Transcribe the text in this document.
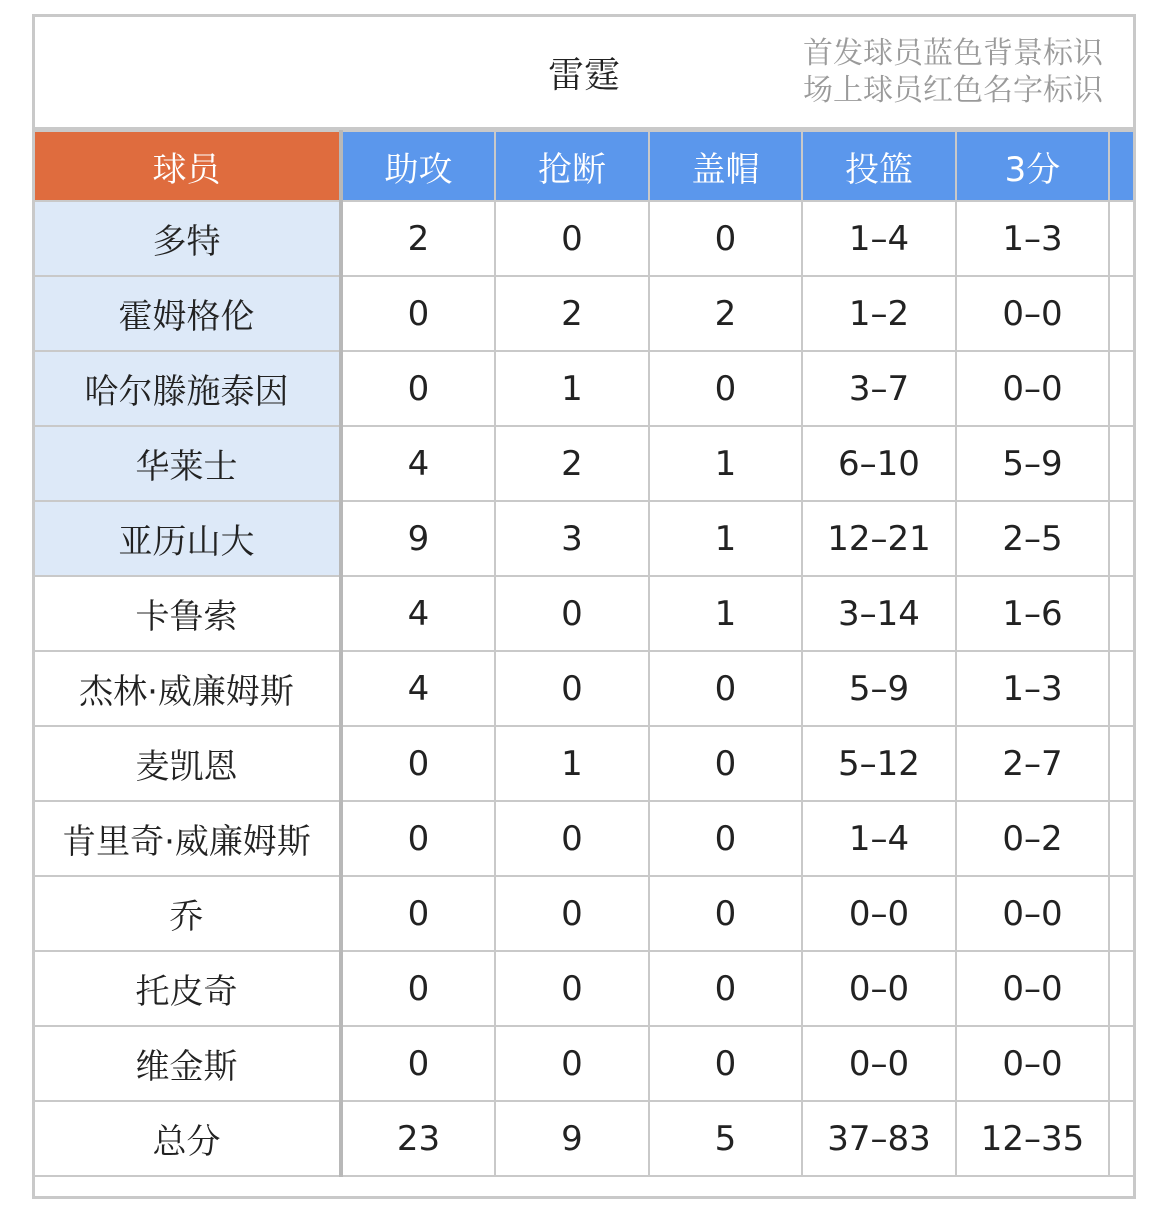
雷霆
首发球员蓝色背景标识
场上球员红色名字标识
球员	助攻	抢断	盖帽	投篮	3分	
多特	2	0	0	1–4	1–3	
霍姆格伦	0	2	2	1–2	0–0	
哈尔滕施泰因	0	1	0	3–7	0–0	
华莱士	4	2	1	6–10	5–9	
亚历山大	9	3	1	12–21	2–5	
卡鲁索	4	0	1	3–14	1–6	
杰林·威廉姆斯	4	0	0	5–9	1–3	
麦凯恩	0	1	0	5–12	2–7	
肯里奇·威廉姆斯	0	0	0	1–4	0–2	
乔	0	0	0	0–0	0–0	
托皮奇	0	0	0	0–0	0–0	
维金斯	0	0	0	0–0	0–0	
总分	23	9	5	37–83	12–35	
